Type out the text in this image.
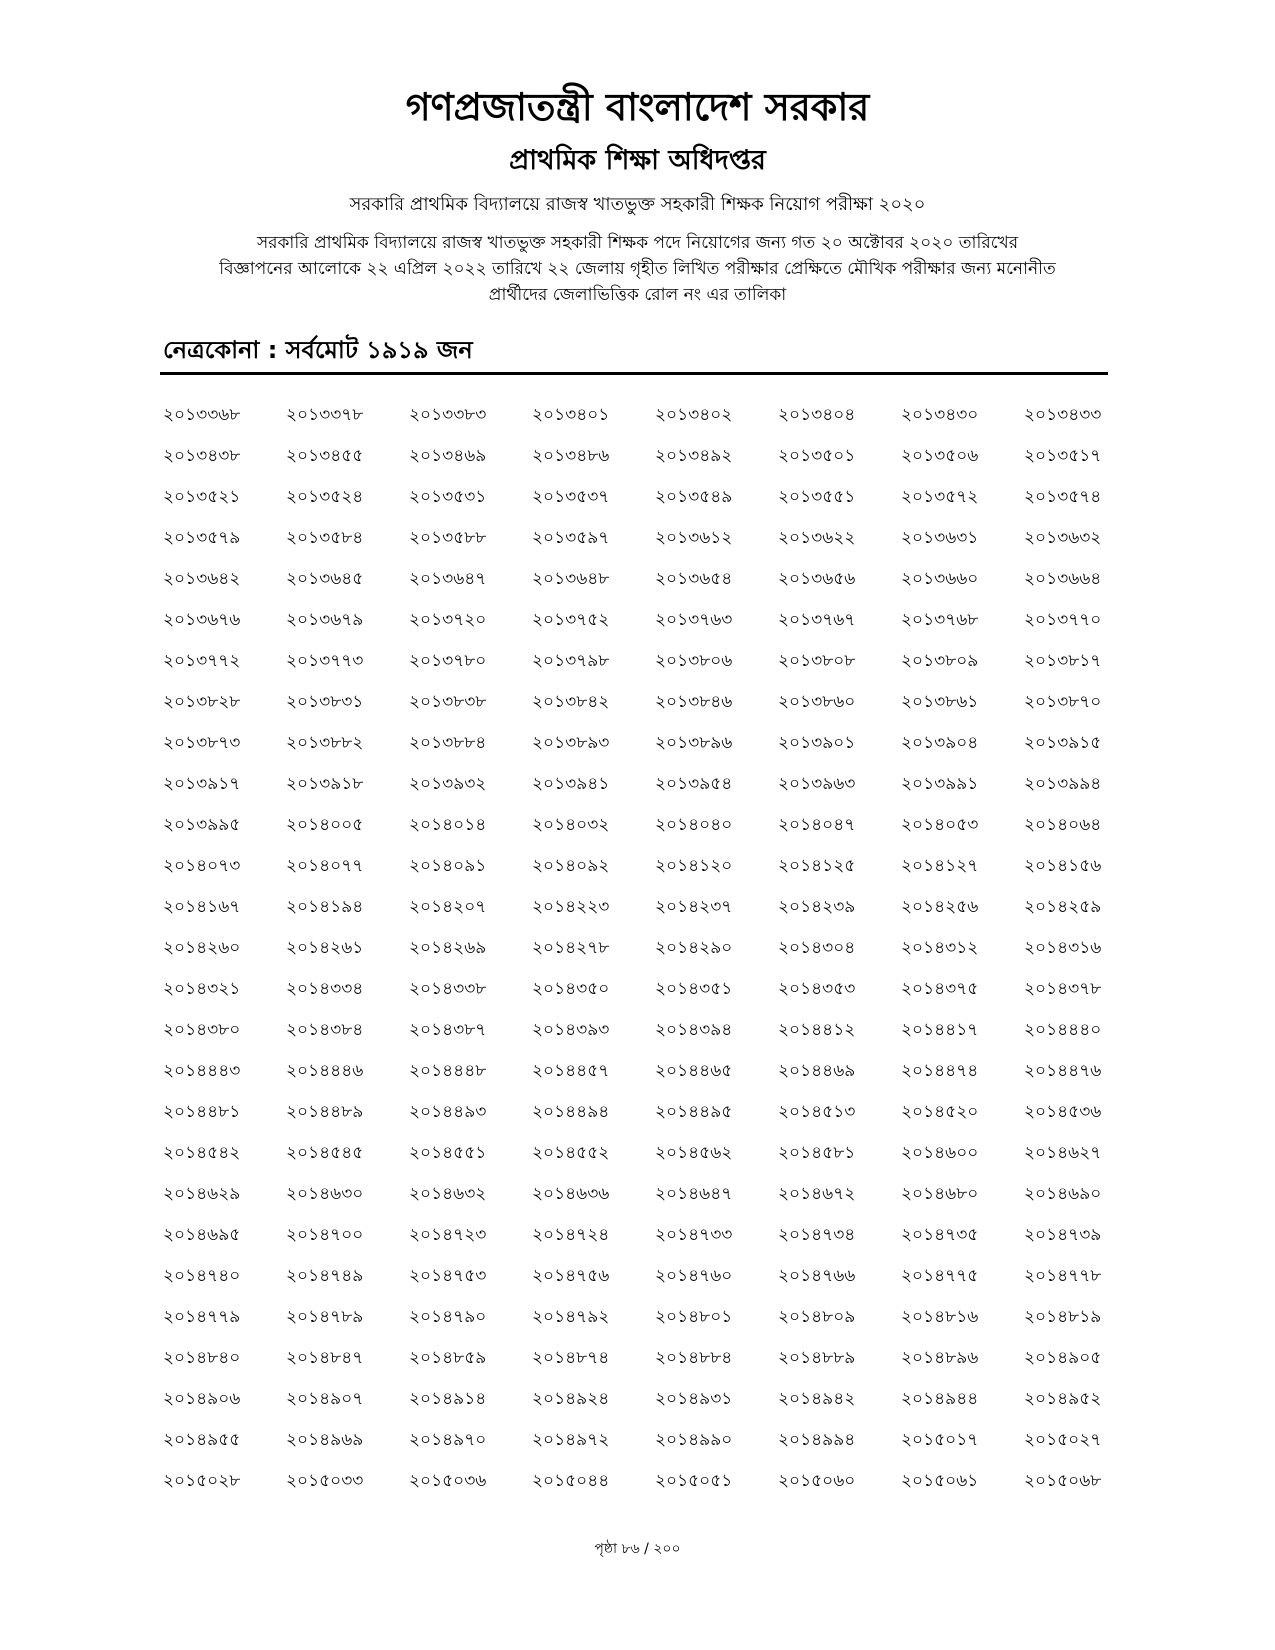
গণপ্রজাতন্ত্রী বাংলাদেশ সরকার
প্রাথমিক শিক্ষা অধিদপ্তর
সরকারি প্রাথমিক বিদ্যালয়ে রাজস্ব খাতভুক্ত সহকারী শিক্ষক নিয়োগ পরীক্ষা ২০২০
সরকারি প্রাথমিক বিদ্যালয়ে রাজস্ব খাতভুক্ত সহকারী শিক্ষক পদে নিয়োগের জন্য গত ২০ অক্টোবর ২০২০ তারিখের
বিজ্ঞাপনের আলোকে ২২ এপ্রিল ২০২২ তারিখে ২২ জেলায় গৃহীত লিখিত পরীক্ষার প্রেক্ষিতে মৌখিক পরীক্ষার জন্য মনোনীত
প্রার্থীদের জেলাভিত্তিক রোল নং এর তালিকা
নেত্রকোনা : সর্বমোট ১৯১৯ জন
২০১৩৩৬৮	২০১৩৩৭৮	২০১৩৩৮৩	২০১৩৪০১	২০১৩৪০২	২০১৩৪০৪	২০১৩৪৩০	২০১৩৪৩৩
২০১৩৪৩৮	২০১৩৪৫৫	২০১৩৪৬৯	২০১৩৪৮৬	২০১৩৪৯২	২০১৩৫০১	২০১৩৫০৬	২০১৩৫১৭
২০১৩৫২১	২০১৩৫২৪	২০১৩৫৩১	২০১৩৫৩৭	২০১৩৫৪৯	২০১৩৫৫১	২০১৩৫৭২	২০১৩৫৭৪
২০১৩৫৭৯	২০১৩৫৮৪	২০১৩৫৮৮	২০১৩৫৯৭	২০১৩৬১২	২০১৩৬২২	২০১৩৬৩১	২০১৩৬৩২
২০১৩৬৪২	২০১৩৬৪৫	২০১৩৬৪৭	২০১৩৬৪৮	২০১৩৬৫৪	২০১৩৬৫৬	২০১৩৬৬০	২০১৩৬৬৪
২০১৩৬৭৬	২০১৩৬৭৯	২০১৩৭২০	২০১৩৭৫২	২০১৩৭৬৩	২০১৩৭৬৭	২০১৩৭৬৮	২০১৩৭৭০
২০১৩৭৭২	২০১৩৭৭৩	২০১৩৭৮০	২০১৩৭৯৮	২০১৩৮০৬	২০১৩৮০৮	২০১৩৮০৯	২০১৩৮১৭
২০১৩৮২৮	২০১৩৮৩১	২০১৩৮৩৮	২০১৩৮৪২	২০১৩৮৪৬	২০১৩৮৬০	২০১৩৮৬১	২০১৩৮৭০
২০১৩৮৭৩	২০১৩৮৮২	২০১৩৮৮৪	২০১৩৮৯৩	২০১৩৮৯৬	২০১৩৯০১	২০১৩৯০৪	২০১৩৯১৫
২০১৩৯১৭	২০১৩৯১৮	২০১৩৯৩২	২০১৩৯৪১	২০১৩৯৫৪	২০১৩৯৬৩	২০১৩৯৯১	২০১৩৯৯৪
২০১৩৯৯৫	২০১৪০০৫	২০১৪০১৪	২০১৪০৩২	২০১৪০৪০	২০১৪০৪৭	২০১৪০৫৩	২০১৪০৬৪
২০১৪০৭৩	২০১৪০৭৭	২০১৪০৯১	২০১৪০৯২	২০১৪১২০	২০১৪১২৫	২০১৪১২৭	২০১৪১৫৬
২০১৪১৬৭	২০১৪১৯৪	২০১৪২০৭	২০১৪২২৩	২০১৪২৩৭	২০১৪২৩৯	২০১৪২৫৬	২০১৪২৫৯
২০১৪২৬০	২০১৪২৬১	২০১৪২৬৯	২০১৪২৭৮	২০১৪২৯০	২০১৪৩০৪	২০১৪৩১২	২০১৪৩১৬
২০১৪৩২১	২০১৪৩৩৪	২০১৪৩৩৮	২০১৪৩৫০	২০১৪৩৫১	২০১৪৩৫৩	২০১৪৩৭৫	২০১৪৩৭৮
২০১৪৩৮০	২০১৪৩৮৪	২০১৪৩৮৭	২০১৪৩৯৩	২০১৪৩৯৪	২০১৪৪১২	২০১৪৪১৭	২০১৪৪৪০
২০১৪৪৪৩	২০১৪৪৪৬	২০১৪৪৪৮	২০১৪৪৫৭	২০১৪৪৬৫	২০১৪৪৬৯	২০১৪৪৭৪	২০১৪৪৭৬
২০১৪৪৮১	২০১৪৪৮৯	২০১৪৪৯৩	২০১৪৪৯৪	২০১৪৪৯৫	২০১৪৫১৩	২০১৪৫২০	২০১৪৫৩৬
২০১৪৫৪২	২০১৪৫৪৫	২০১৪৫৫১	২০১৪৫৫২	২০১৪৫৬২	২০১৪৫৮১	২০১৪৬০০	২০১৪৬২৭
২০১৪৬২৯	২০১৪৬৩০	২০১৪৬৩২	২০১৪৬৩৬	২০১৪৬৪৭	২০১৪৬৭২	২০১৪৬৮০	২০১৪৬৯০
২০১৪৬৯৫	২০১৪৭০০	২০১৪৭২৩	২০১৪৭২৪	২০১৪৭৩৩	২০১৪৭৩৪	২০১৪৭৩৫	২০১৪৭৩৯
২০১৪৭৪০	২০১৪৭৪৯	২০১৪৭৫৩	২০১৪৭৫৬	২০১৪৭৬০	২০১৪৭৬৬	২০১৪৭৭৫	২০১৪৭৭৮
২০১৪৭৭৯	২০১৪৭৮৯	২০১৪৭৯০	২০১৪৭৯২	২০১৪৮০১	২০১৪৮০৯	২০১৪৮১৬	২০১৪৮১৯
২০১৪৮৪০	২০১৪৮৪৭	২০১৪৮৫৯	২০১৪৮৭৪	২০১৪৮৮৪	২০১৪৮৮৯	২০১৪৮৯৬	২০১৪৯০৫
২০১৪৯০৬	২০১৪৯০৭	২০১৪৯১৪	২০১৪৯২৪	২০১৪৯৩১	২০১৪৯৪২	২০১৪৯৪৪	২০১৪৯৫২
২০১৪৯৫৫	২০১৪৯৬৯	২০১৪৯৭০	২০১৪৯৭২	২০১৪৯৯০	২০১৪৯৯৪	২০১৫০১৭	২০১৫০২৭
২০১৫০২৮	২০১৫০৩৩	২০১৫০৩৬	২০১৫০৪৪	২০১৫০৫১	২০১৫০৬০	২০১৫০৬১	২০১৫০৬৮
পৃষ্ঠা ৮৬ / ২০০
